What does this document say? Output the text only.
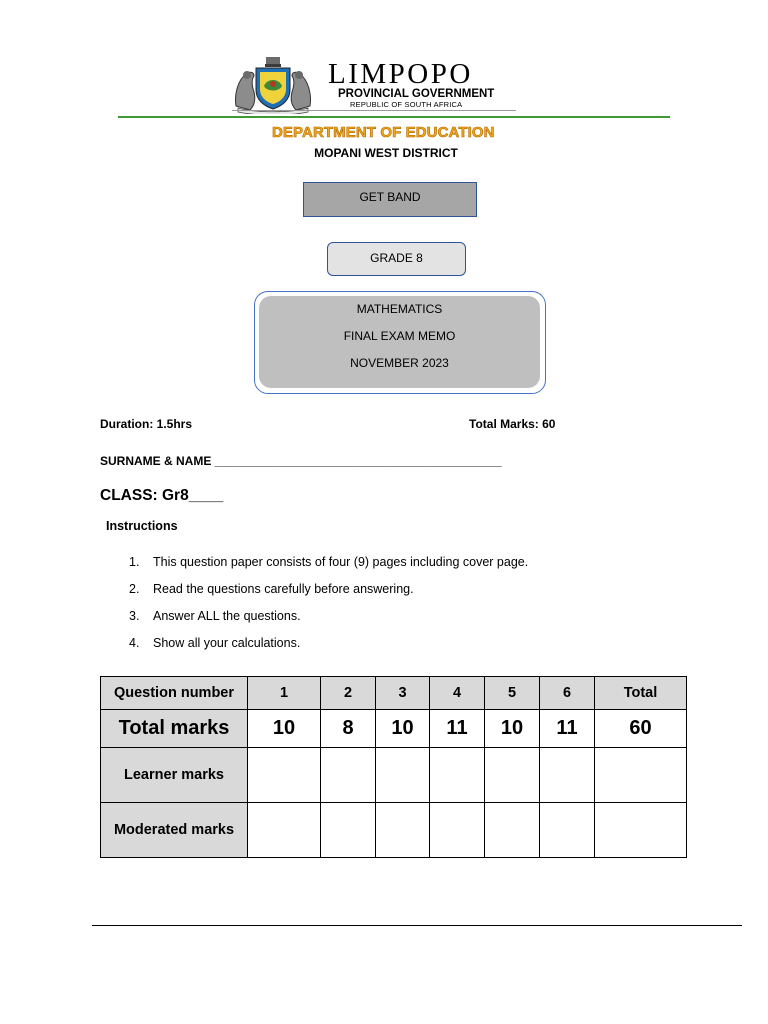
LIMPOPO
PROVINCIAL GOVERNMENT
REPUBLIC OF SOUTH AFRICA
DEPARTMENT OF EDUCATION
MOPANI WEST DISTRICT
GET BAND
GRADE 8
MATHEMATICS
FINAL EXAM MEMO
NOVEMBER 2023
Duration: 1.5hrs	Total Marks: 60
SURNAME & NAME ___________________________________________
CLASS: Gr8____
Instructions
1. This question paper consists of four (9) pages including cover page.
2. Read the questions carefully before answering.
3. Answer ALL the questions.
4. Show all your calculations.
Question number	1	2	3	4	5	6	Total
Total marks	10	8	10	11	10	11	60
Learner marks							
Moderated marks							
